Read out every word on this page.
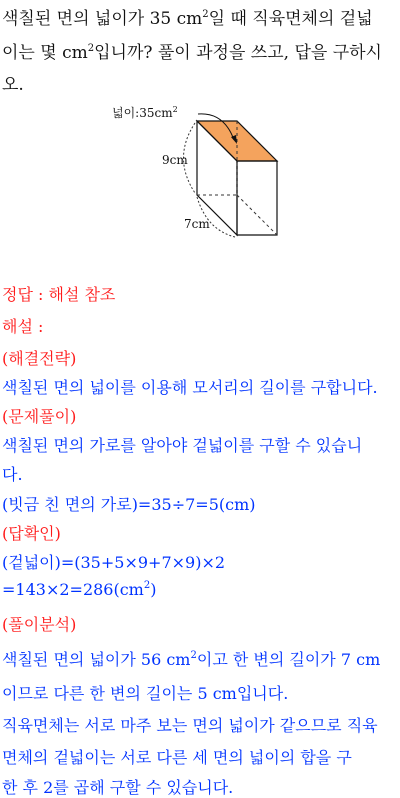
색칠된 면의 넓이가 35 $cm^2$일 때 직육면체의 겉넓
이는 몇 $cm^2$입니까? 풀이 과정을 쓰고, 답을 구하시
오.
넓이$:35cm^2$
9cm
7cm
정답 : 해설 참조
해설 :
(해결전략)
색칠된 면의 넓이를 이용해 모서리의 길이를 구합니다.
(문제풀이)
색칠된 면의 가로를 알아야 겉넓이를 구할 수 있습니
다.
(빗금 친 면의 가로)=35÷7=5(cm)
(답확인)
(겉넓이)=(35+5×9+7×9)×2
$=143\times 2=286(cm^2)$
(풀이분석)
색칠된 면의 넓이가 56 $cm^2$이고 한 변의 길이가 7 cm
이므로 다른 한 변의 길이는 5 cm입니다.
직육면체는 서로 마주 보는 면의 넓이가 같으므로 직육
면체의 겉넓이는 서로 다른 세 면의 넓이의 합을 구
한 후 2를 곱해 구할 수 있습니다.
